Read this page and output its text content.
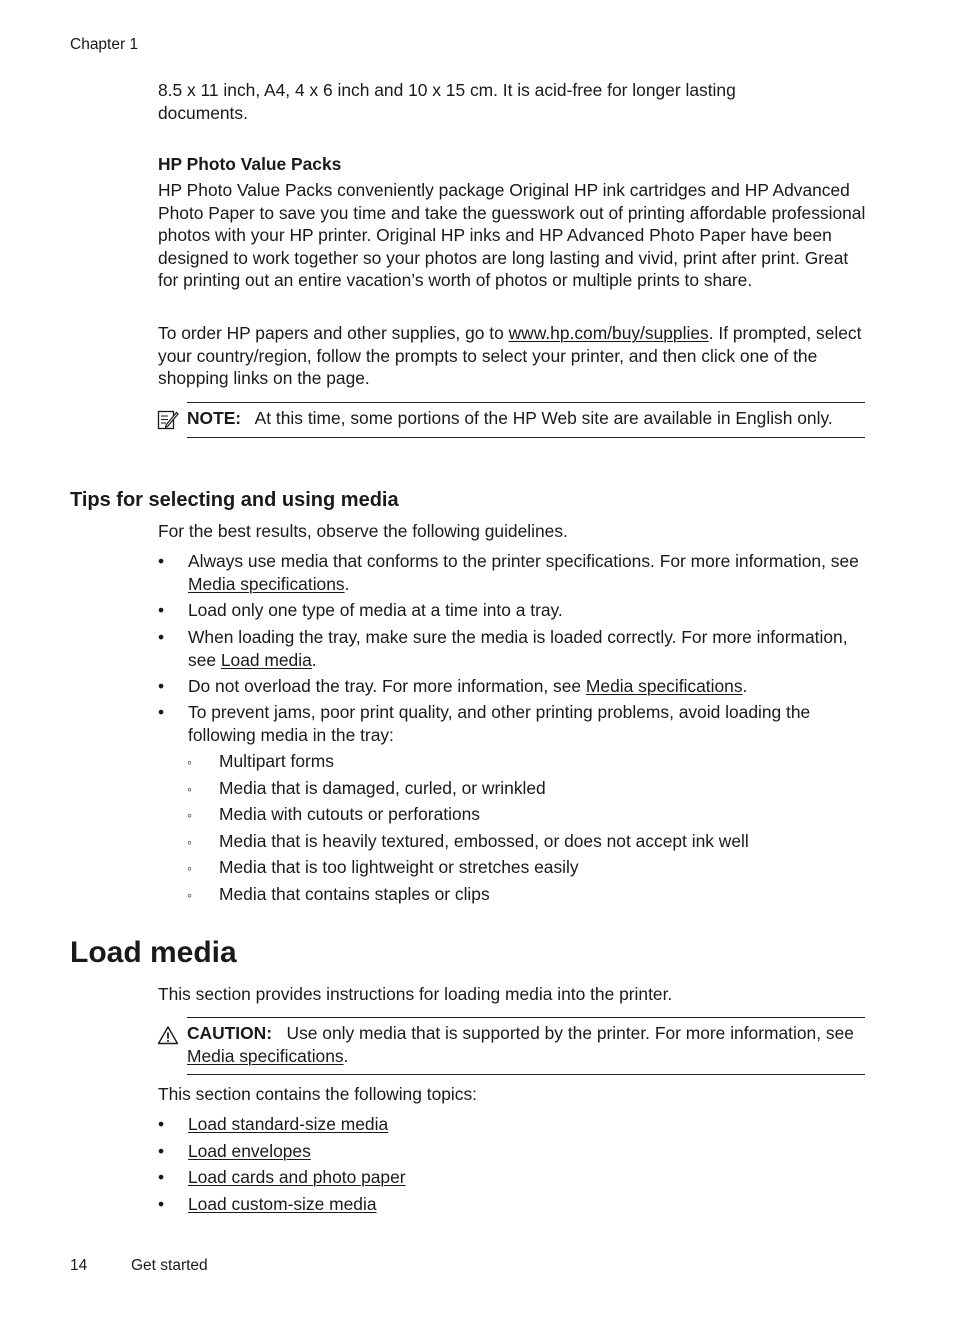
Chapter 1
8.5 x 11 inch, A4, 4 x 6 inch and 10 x 15 cm. It is acid-free for longer lasting documents.
HP Photo Value Packs
HP Photo Value Packs conveniently package Original HP ink cartridges and HP Advanced Photo Paper to save you time and take the guesswork out of printing affordable professional photos with your HP printer. Original HP inks and HP Advanced Photo Paper have been designed to work together so your photos are long lasting and vivid, print after print. Great for printing out an entire vacation’s worth of photos or multiple prints to share.
To order HP papers and other supplies, go to www.hp.com/buy/supplies. If prompted, select your country/region, follow the prompts to select your printer, and then click one of the shopping links on the page.
NOTE: At this time, some portions of the HP Web site are available in English only.
Tips for selecting and using media
For the best results, observe the following guidelines.
• Always use media that conforms to the printer specifications. For more information, see Media specifications.
• Load only one type of media at a time into a tray.
• When loading the tray, make sure the media is loaded correctly. For more information, see Load media.
• Do not overload the tray. For more information, see Media specifications.
• To prevent jams, poor print quality, and other printing problems, avoid loading the following media in the tray:
◦ Multipart forms
◦ Media that is damaged, curled, or wrinkled
◦ Media with cutouts or perforations
◦ Media that is heavily textured, embossed, or does not accept ink well
◦ Media that is too lightweight or stretches easily
◦ Media that contains staples or clips
Load media
This section provides instructions for loading media into the printer.
CAUTION: Use only media that is supported by the printer. For more information, see Media specifications.
This section contains the following topics:
• Load standard-size media
• Load envelopes
• Load cards and photo paper
• Load custom-size media
14	Get started
